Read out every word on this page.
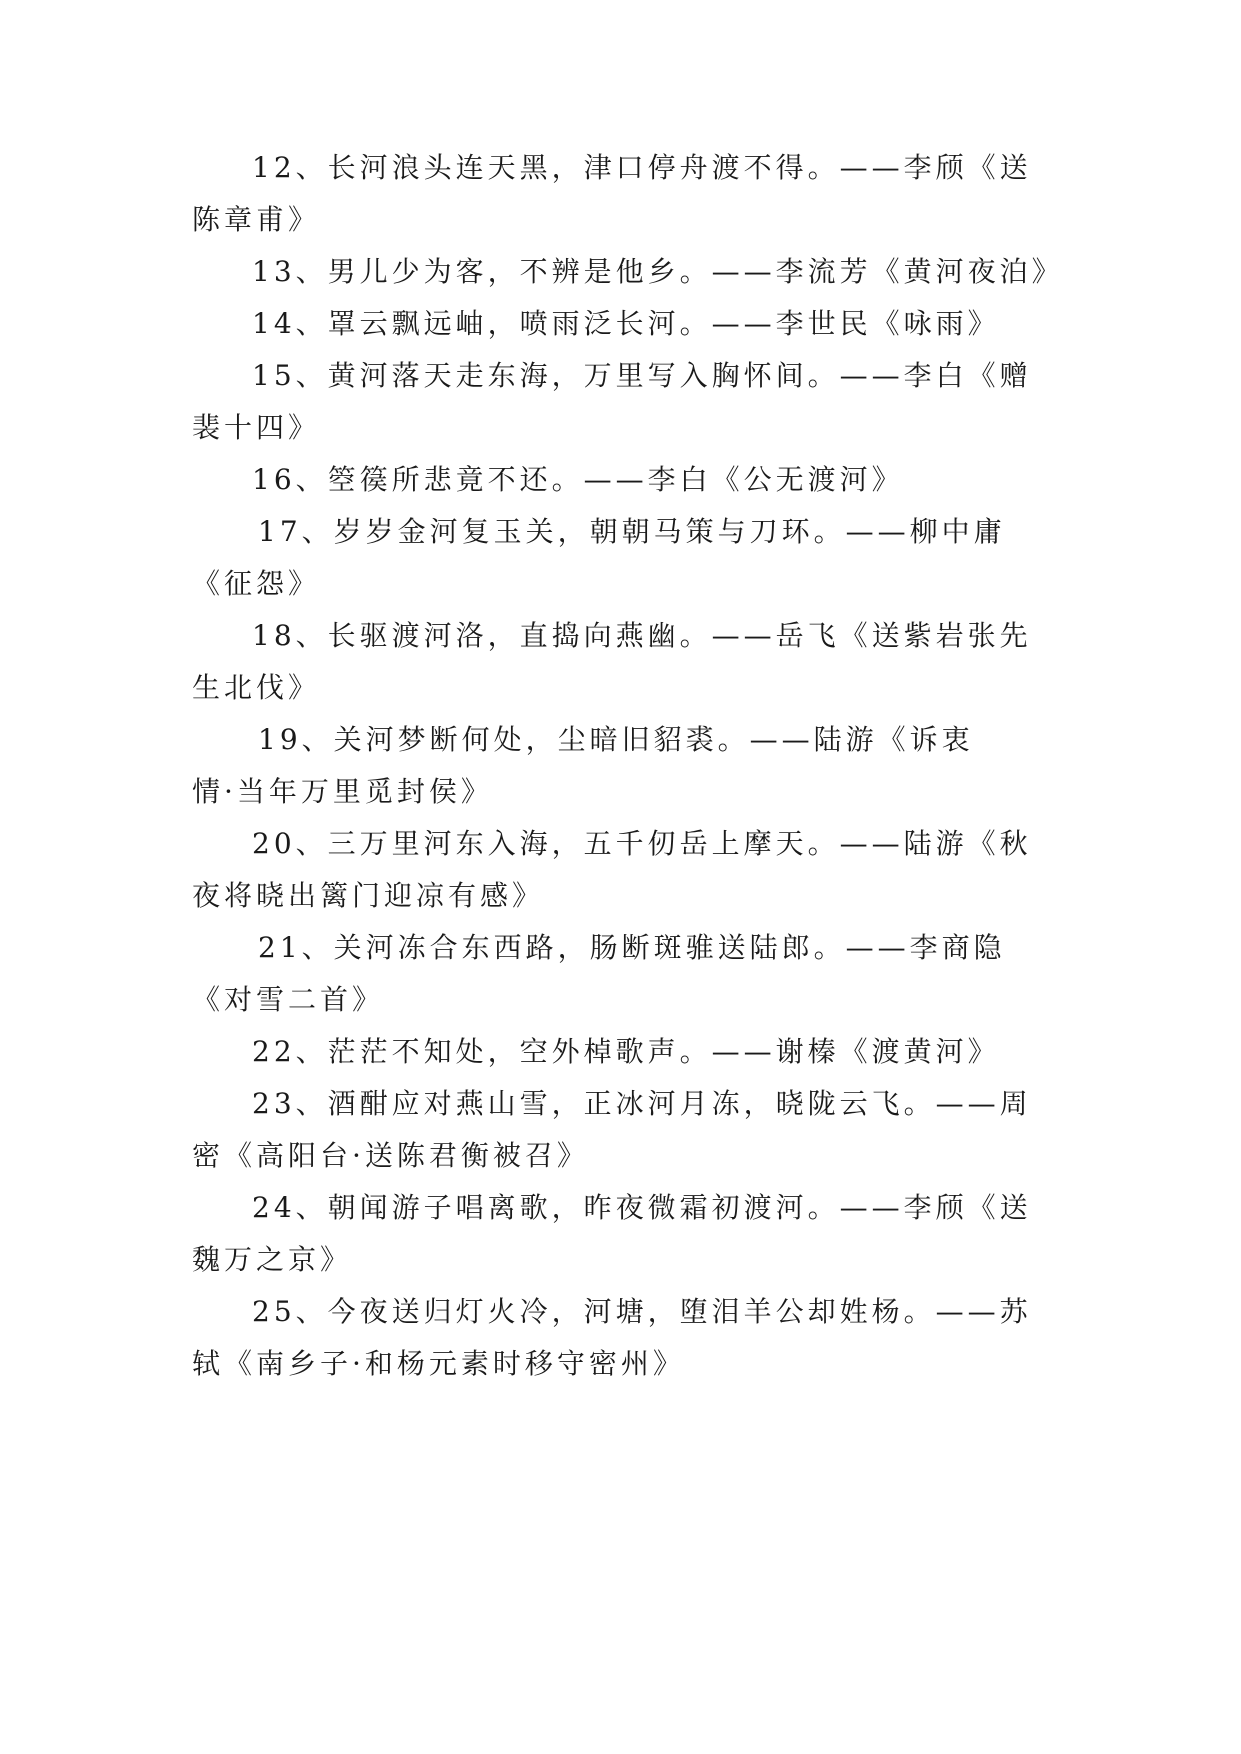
12、长河浪头连天黑，津口停舟渡不得。——李颀《送
陈章甫》
13、男儿少为客，不辨是他乡。——李流芳《黄河夜泊》
14、罩云飘远岫，喷雨泛长河。——李世民《咏雨》
15、黄河落天走东海，万里写入胸怀间。——李白《赠
裴十四》
16、箜篌所悲竟不还。——李白《公无渡河》
17、岁岁金河复玉关，朝朝马策与刀环。——柳中庸
《征怨》
18、长驱渡河洛，直捣向燕幽。——岳飞《送紫岩张先
生北伐》
19、关河梦断何处，尘暗旧貂裘。——陆游《诉衷
情·当年万里觅封侯》
20、三万里河东入海，五千仞岳上摩天。——陆游《秋
夜将晓出篱门迎凉有感》
21、关河冻合东西路，肠断斑骓送陆郎。——李商隐
《对雪二首》
22、茫茫不知处，空外棹歌声。——谢榛《渡黄河》
23、酒酣应对燕山雪，正冰河月冻，晓陇云飞。——周
密《高阳台·送陈君衡被召》
24、朝闻游子唱离歌，昨夜微霜初渡河。——李颀《送
魏万之京》
25、今夜送归灯火冷，河塘，堕泪羊公却姓杨。——苏
轼《南乡子·和杨元素时移守密州》
